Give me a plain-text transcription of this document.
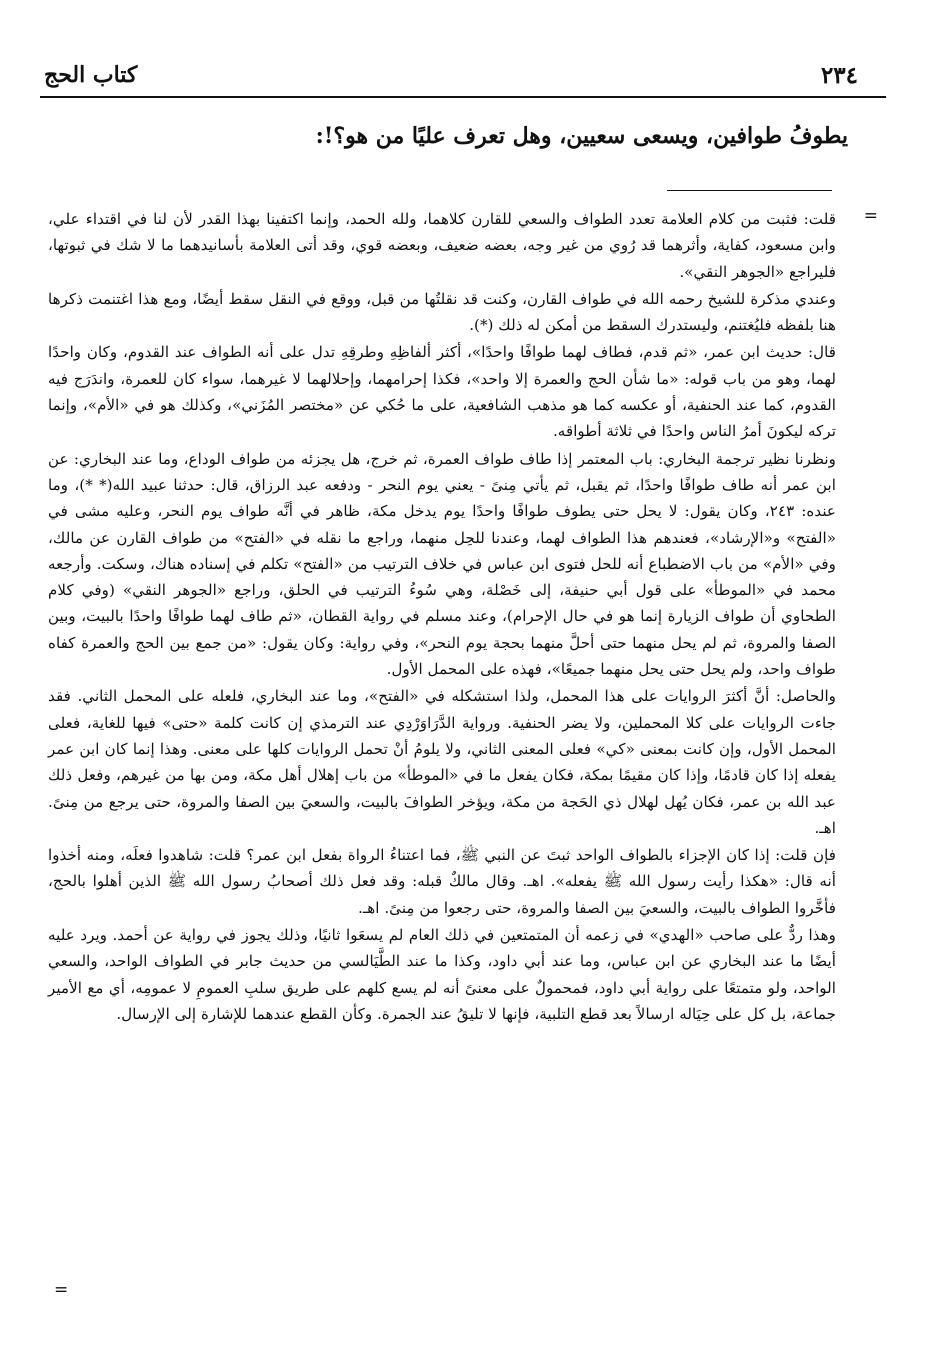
٢٣٤
كتاب الحج
يطوفُ طوافين، ويسعى سعيين، وهل تعرف عليًا من هو؟!:
=

قلت: فثبت من كلام العلامة تعدد الطواف والسعي للقارن كلاهما، ولله الحمد، وإنما اكتفينا بهذا القدر لأن لنا في اقتداء علي، وابن مسعود، كفاية، وأثرهما قد رُوي من غير وجه، بعضه ضعيف، وبعضه قوي، وقد أتى العلامة بأسانيدهما ما لا شك في ثبوتها، فليراجع «الجوهر النقي».

وعندي مذكرة للشيخ رحمه الله في طواف القارن، وكنت قد نقلتُها من قبل، ووقع في النقل سقط أيضًا، ومع هذا اغتنمت ذكرها هنا بلفظه فليُغتنم، وليستدرك السقط من أمكن له ذلك (*).

قال: حديث ابن عمر، «ثم قدم، فطاف لهما طوافًا واحدًا»، أكثر ألفاظِهِ وطرقِهِ تدل على أنه الطواف عند القدوم، وكان واحدًا لهما، وهو من باب قوله: «ما شأن الحج والعمرة إلا واحد»، فكذا إحرامهما، وإحلالهما لا غيرهما، سواء كان للعمرة، واندَرَج فيه القدوم، كما عند الحنفية، أو عكسه كما هو مذهب الشافعية، على ما حُكي عن «مختصر المُزَني»، وكذلك هو في «الأم»، وإنما تركه ليكونَ أمرُ الناس واحدًا في ثلاثة أطواقه.

ونظرنا نظير ترجمة البخاري: باب المعتمر إذا طاف طواف العمرة، ثم خرج، هل يجزئه من طواف الوداع، وما عند البخاري: عن ابن عمر أنه طاف طوافًا واحدًا، ثم يقبل، ثم يأتي مِنىً - يعني يوم النحر - ودفعه عبد الرزاق، قال: حدثنا عبيد الله(* *)، وما عنده: ٢٤٣، وكان يقول: لا يحل حتى يطوف طوافًا واحدًا يوم يدخل مكة، ظاهر في أنَّه طواف يوم النحر، وعليه مشى في «الفتح» و«الإرشاد»، فعندهم هذا الطواف لهما، وعندنا للحِل منهما، وراجع ما نقله في «الفتح» من طواف القارن عن مالك، وفي «الأم» من باب الاضطباع أنه للحل فتوى ابن عباس في خلاف الترتيب من «الفتح» تكلم في إسناده هناك، وسكت. وأرجعه محمد في «الموطأ» على قول أبي حنيفة، إلى خَصْلة، وهي سُوءُ الترتيب في الحلق، وراجع «الجوهر النقي» (وفي كلام الطحاوي أن طواف الزيارة إنما هو في حال الإحرام)، وعند مسلم في رواية القطان، «ثم طاف لهما طوافًا واحدًا بالبيت، وبين الصفا والمروة، ثم لم يحل منهما حتى أحلَّ منهما بحجة يوم النحر»، وفي رواية: وكان يقول: «من جمع بين الحج والعمرة كفاه طواف واحد، ولم يحل حتى يحل منهما جميعًا»، فهذه على المحمل الأول.

والحاصل: أنَّ أكثرَ الروايات على هذا المحمل، ولذا استشكله في «الفتح»، وما عند البخاري، فلعله على المحمل الثاني. فقد جاءت الروايات على كلا المحملين، ولا يضر الحنفية. ورواية الدَّرَاوَرْدِي عند الترمذي إن كانت كلمة «حتى» فيها للغاية، فعلى المحمل الأول، وإن كانت بمعنى «كي» فعلى المعنى الثاني، ولا يلومُ أنْ تحمل الروايات كلها على معنى. وهذا إنما كان ابن عمر يفعله إذا كان قادمًا، وإذا كان مقيمًا بمكة، فكان يفعل ما في «الموطأ» من باب إهلال أهل مكة، ومن بها من غيرهم، وفعل ذلك عبد الله بن عمر، فكان يُهل لهلال ذي الحَجة من مكة، ويؤخر الطوافَ بالبيت، والسعيَ بين الصفا والمروة، حتى يرجع من مِنىً. اهـ.

فإن قلت: إذا كان الإجزاء بالطواف الواحد ثبتَ عن النبي ﷺ، فما اعتناءُ الرواة بفعل ابن عمر؟ قلت: شاهدوا فعلَه، ومنه أخذوا أنه قال: «هكذا رأيت رسول الله ﷺ يفعله». اهـ. وقال مالكٌ قبله: وقد فعل ذلك أصحابُ رسول الله ﷺ الذين أهلوا بالحج، فأخَّروا الطواف بالبيت، والسعيَ بين الصفا والمروة، حتى رجعوا من مِنىً. اهـ.

وهذا ردٌّ على صاحب «الهدي» في زعمه أن المتمتعين في ذلك العام لم يسعَوا ثانيًا، وذلك يجوز في رواية عن أحمد. ويرد عليه أيضًا ما عند البخاري عن ابن عباس، وما عند أبي داود، وكذا ما عند الطَّيَالسي من حديث جابر في الطواف الواحد، والسعي الواحد، ولو متمتعًا على رواية أبي داود، فمحمولٌ على معنىً أنه لم يسع كلهم على طريق سلبِ العمومِ لا عمومِه، أي مع الأمير جماعة، بل كل على حِيَاله ارسالاً بعد قطع التلبية، فإنها لا تليقُ عند الجمرة. وكأن القطع عندهما للإشارة إلى الإرسال.

=
